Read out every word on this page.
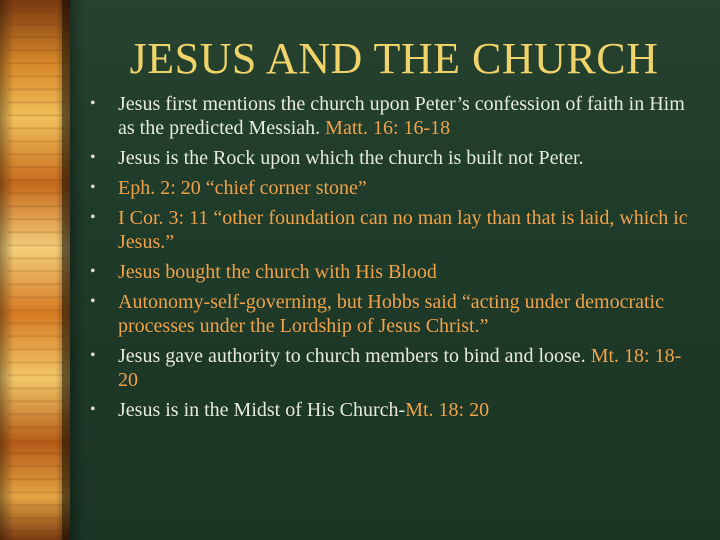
JESUS AND THE CHURCH
• Jesus first mentions the church upon Peter’s confession of faith in Him as the predicted Messiah. Matt. 16: 16-18
• Jesus is the Rock upon which the church is built not Peter.
• Eph. 2: 20 “chief corner stone”
• I Cor. 3: 11 “other foundation can no man lay than that is laid, which ic Jesus.”
• Jesus bought the church with His Blood
• Autonomy-self-governing, but Hobbs said “acting under democratic processes under the Lordship of Jesus Christ.”
• Jesus gave authority to church members to bind and loose. Mt. 18: 18-20
• Jesus is in the Midst of His Church-Mt. 18: 20
